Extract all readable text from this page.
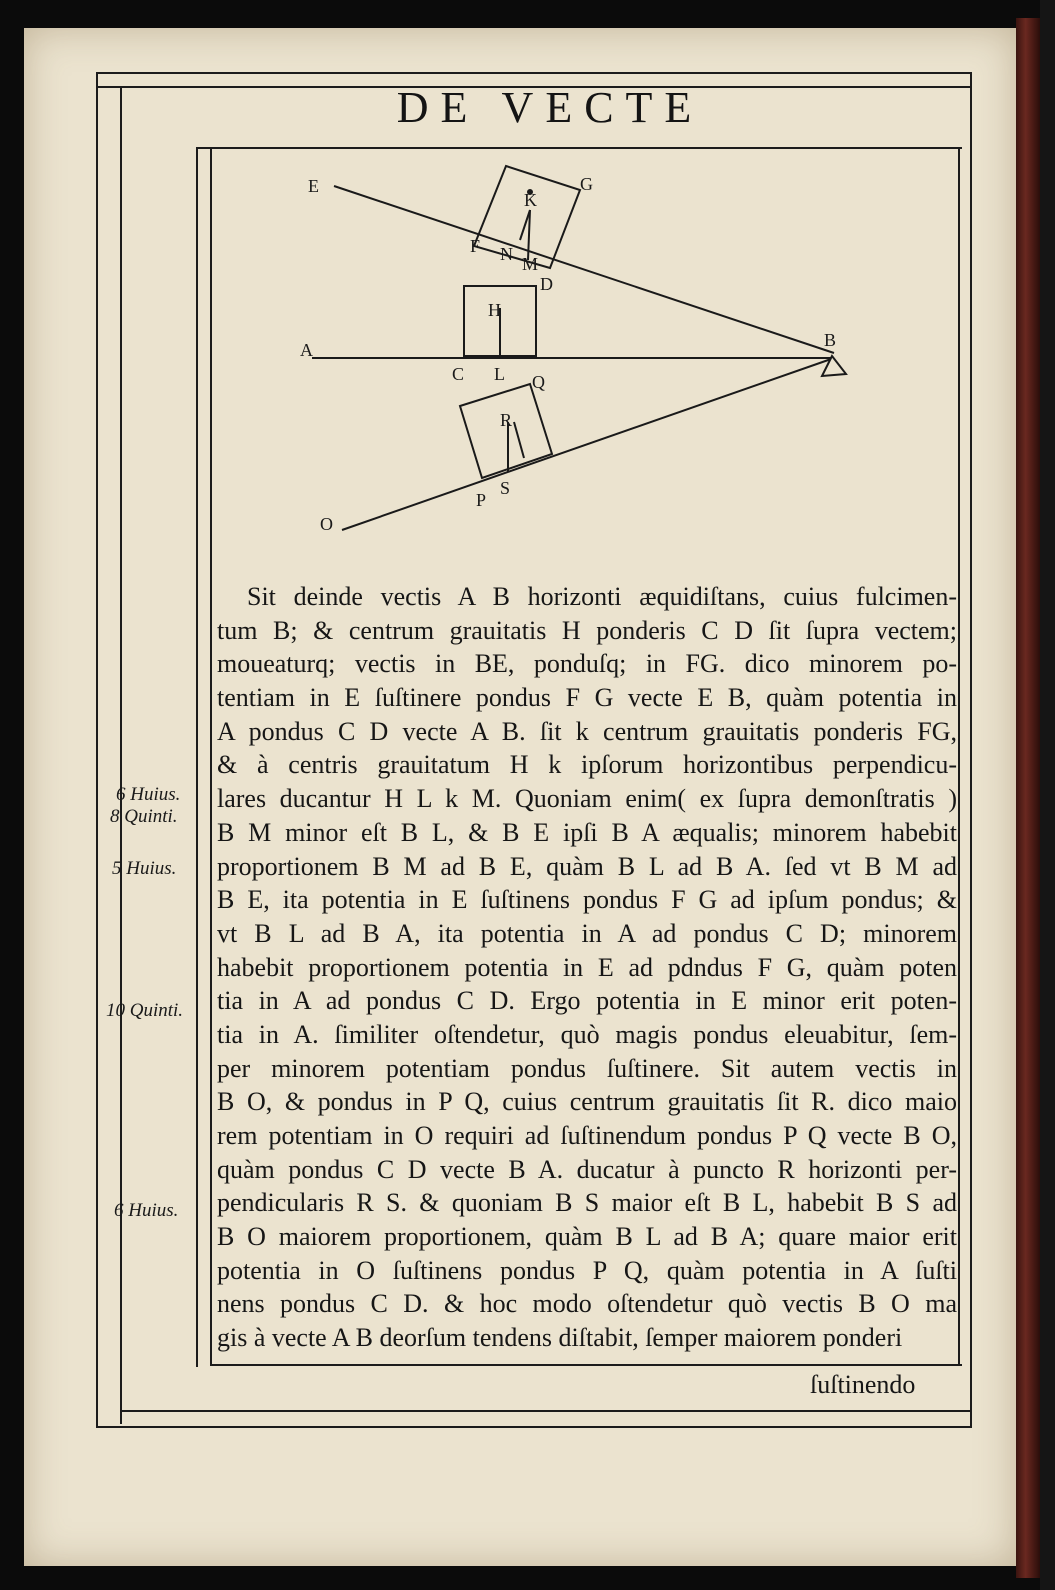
DE VECTE
E
K
G
F N M
D
H
A	B
C L Q
R
P
S
O
6 Huius.
8 Quinti.
5 Huius.
10 Quinti.
6 Huius.
Sit deinde vectis A B horizonti æquidiſtans, cuius fulcimen-
tum B; & centrum grauitatis H ponderis C D ſit ſupra vectem;
moueaturq; vectis in BE, ponduſq; in FG. dico minorem po-
tentiam in E ſuſtinere pondus F G vecte E B, quàm potentia in
A pondus C D vecte A B. ſit k centrum grauitatis ponderis FG,
& à centris grauitatum H k ipſorum horizontibus perpendicu-
lares ducantur H L k M. Quoniam enim( ex ſupra demonſtratis )
B M minor eſt B L, & B E ipſi B A æqualis; minorem habebit
proportionem B M ad B E, quàm B L ad B A. ſed vt B M ad
B E, ita potentia in E ſuſtinens pondus F G ad ipſum pondus; &
vt B L ad B A, ita potentia in A ad pondus C D; minorem
habebit proportionem potentia in E ad pdndus F G, quàm poten
tia in A ad pondus C D. Ergo potentia in E minor erit poten-
tia in A. ſimiliter oſtendetur, quò magis pondus eleuabitur, ſem-
per minorem potentiam pondus ſuſtinere. Sit autem vectis in
B O, & pondus in P Q, cuius centrum grauitatis ſit R. dico maio
rem potentiam in O requiri ad ſuſtinendum pondus P Q vecte B O,
quàm pondus C D vecte B A. ducatur à puncto R horizonti per-
pendicularis R S. & quoniam B S maior eſt B L, habebit B S ad
B O maiorem proportionem, quàm B L ad B A; quare maior erit
potentia in O ſuſtinens pondus P Q, quàm potentia in A ſuſti
nens pondus C D. & hoc modo oſtendetur quò vectis B O ma
gis à vecte A B deorſum tendens diſtabit, ſemper maiorem ponderi
ſuſtinendo
